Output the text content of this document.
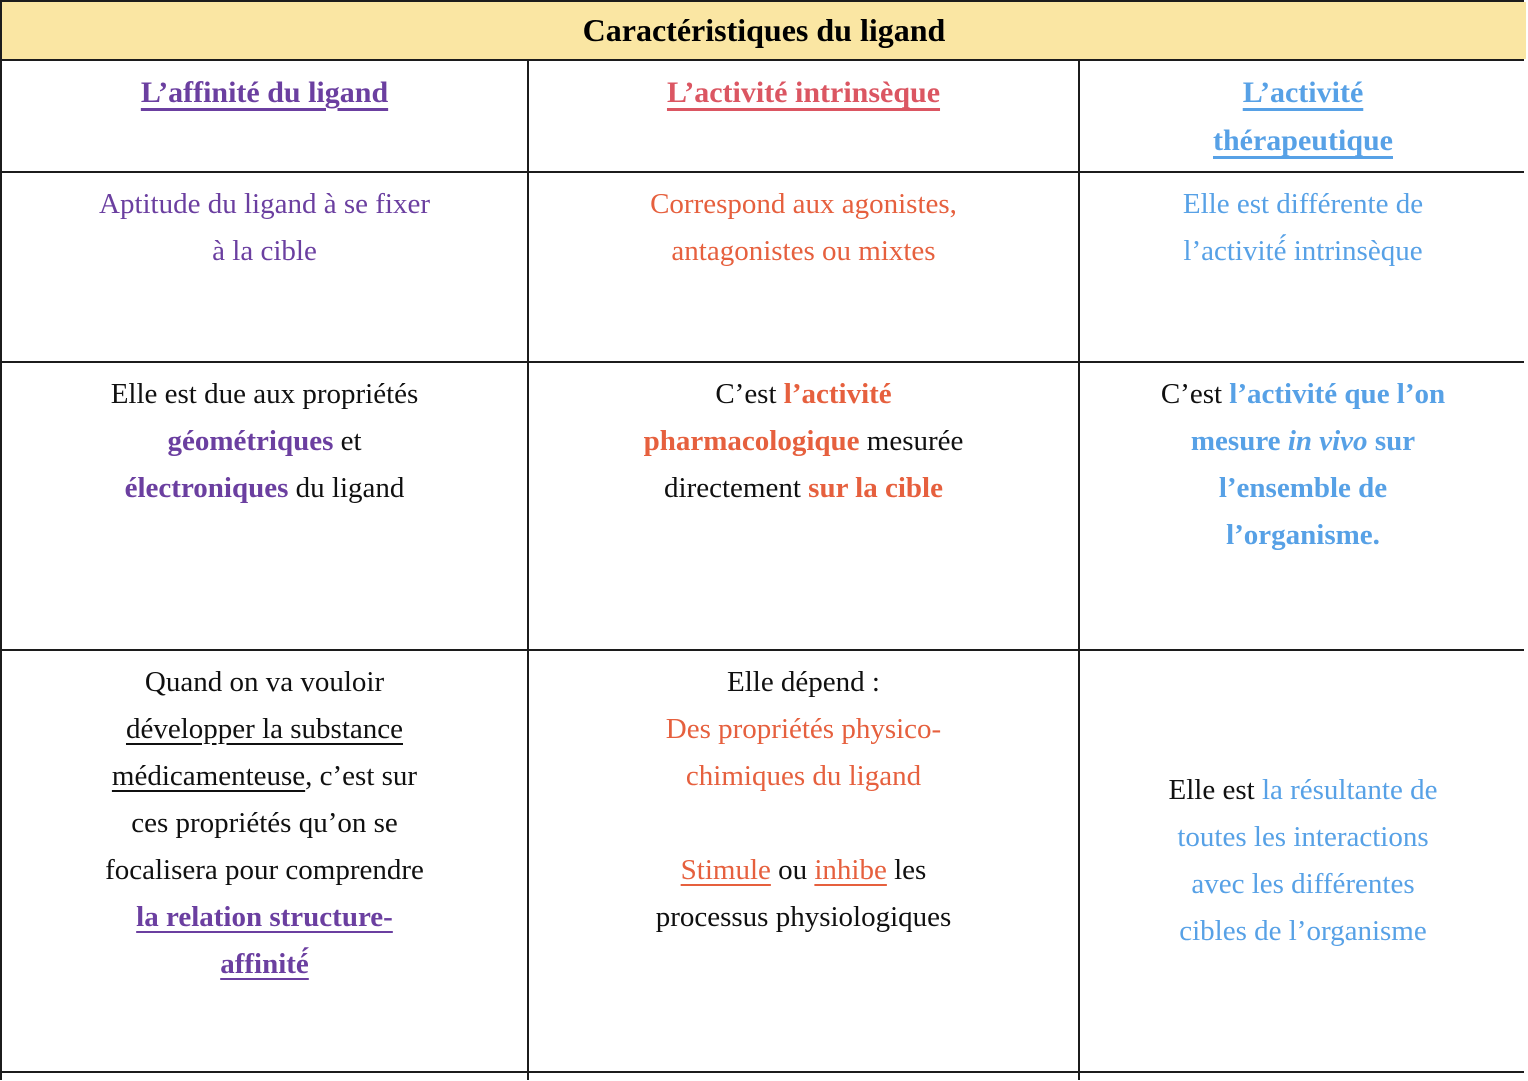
Caractéristiques du ligand
L’affinité du ligand	L’activité intrinsèque	L’activité thérapeutique
Aptitude du ligand à se fixer
à la cible
Correspond aux agonistes,
antagonistes ou mixtes
Elle est différente de
l’activité́ intrinsèque
Elle est due aux propriétés
géométriques et
électroniques du ligand
C’est l’activité
pharmacologique mesurée
directement sur la cible
C’est l’activité que l’on
mesure in vivo sur
l’ensemble de
l’organisme.
Quand on va vouloir
développer la substance
médicamenteuse, c’est sur
ces propriétés qu’on se
focalisera pour comprendre
la relation structure-
affinité́
Elle dépend :
Des propriétés physico-
chimiques du ligand
Stimule ou inhibe les
processus physiologiques
Elle est la résultante de
toutes les interactions
avec les différentes
cibles de l’organisme
